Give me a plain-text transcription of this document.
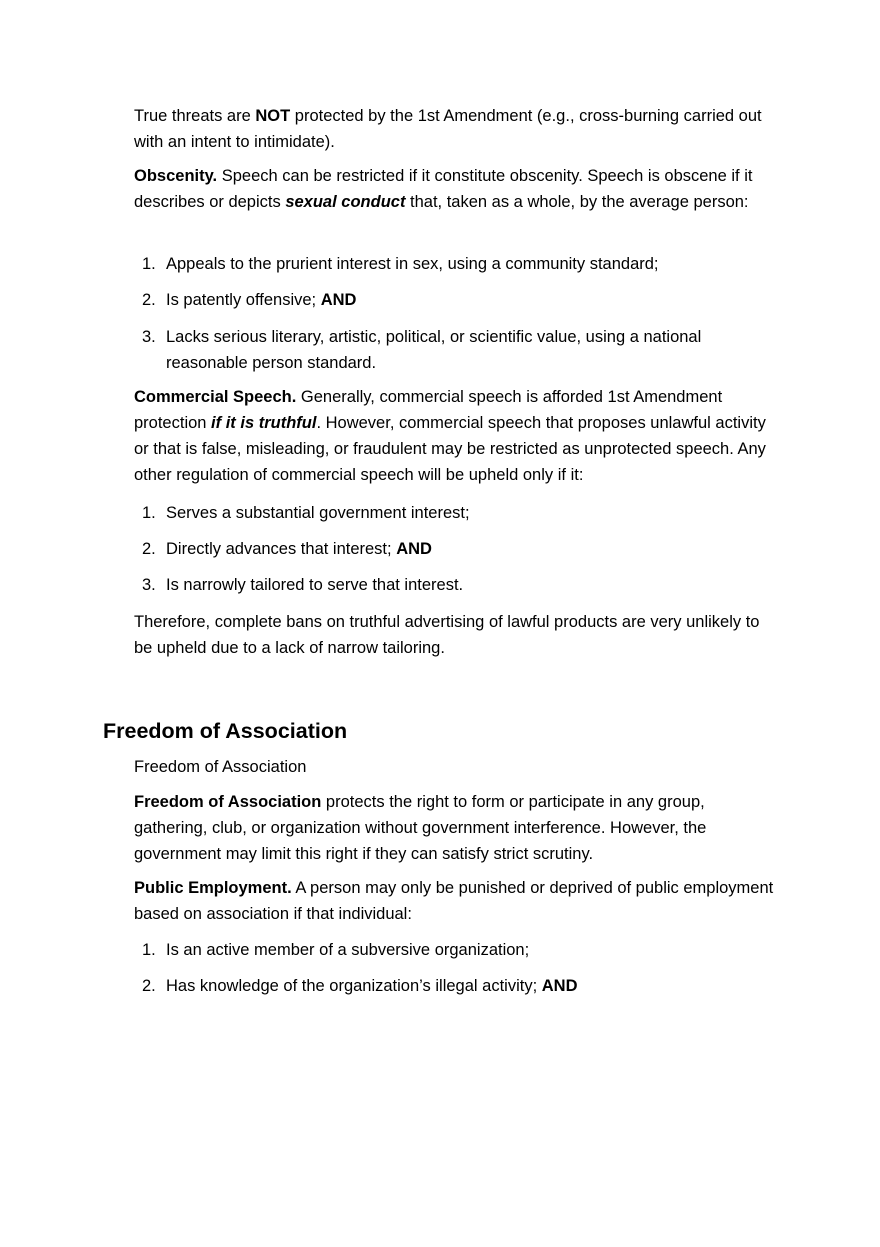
True threats are NOT protected by the 1st Amendment (e.g., cross-burning carried out with an intent to intimidate).

Obscenity. Speech can be restricted if it constitute obscenity. Speech is obscene if it describes or depicts sexual conduct that, taken as a whole, by the average person:

1. Appeals to the prurient interest in sex, using a community standard;
2. Is patently offensive; AND
3. Lacks serious literary, artistic, political, or scientific value, using a national reasonable person standard.

Commercial Speech. Generally, commercial speech is afforded 1st Amendment protection if it is truthful. However, commercial speech that proposes unlawful activity or that is false, misleading, or fraudulent may be restricted as unprotected speech. Any other regulation of commercial speech will be upheld only if it:

1. Serves a substantial government interest;
2. Directly advances that interest; AND
3. Is narrowly tailored to serve that interest.

Therefore, complete bans on truthful advertising of lawful products are very unlikely to be upheld due to a lack of narrow tailoring.

Freedom of Association

Freedom of Association

Freedom of Association protects the right to form or participate in any group, gathering, club, or organization without government interference. However, the government may limit this right if they can satisfy strict scrutiny.

Public Employment. A person may only be punished or deprived of public employment based on association if that individual:

1. Is an active member of a subversive organization;
2. Has knowledge of the organization’s illegal activity; AND
